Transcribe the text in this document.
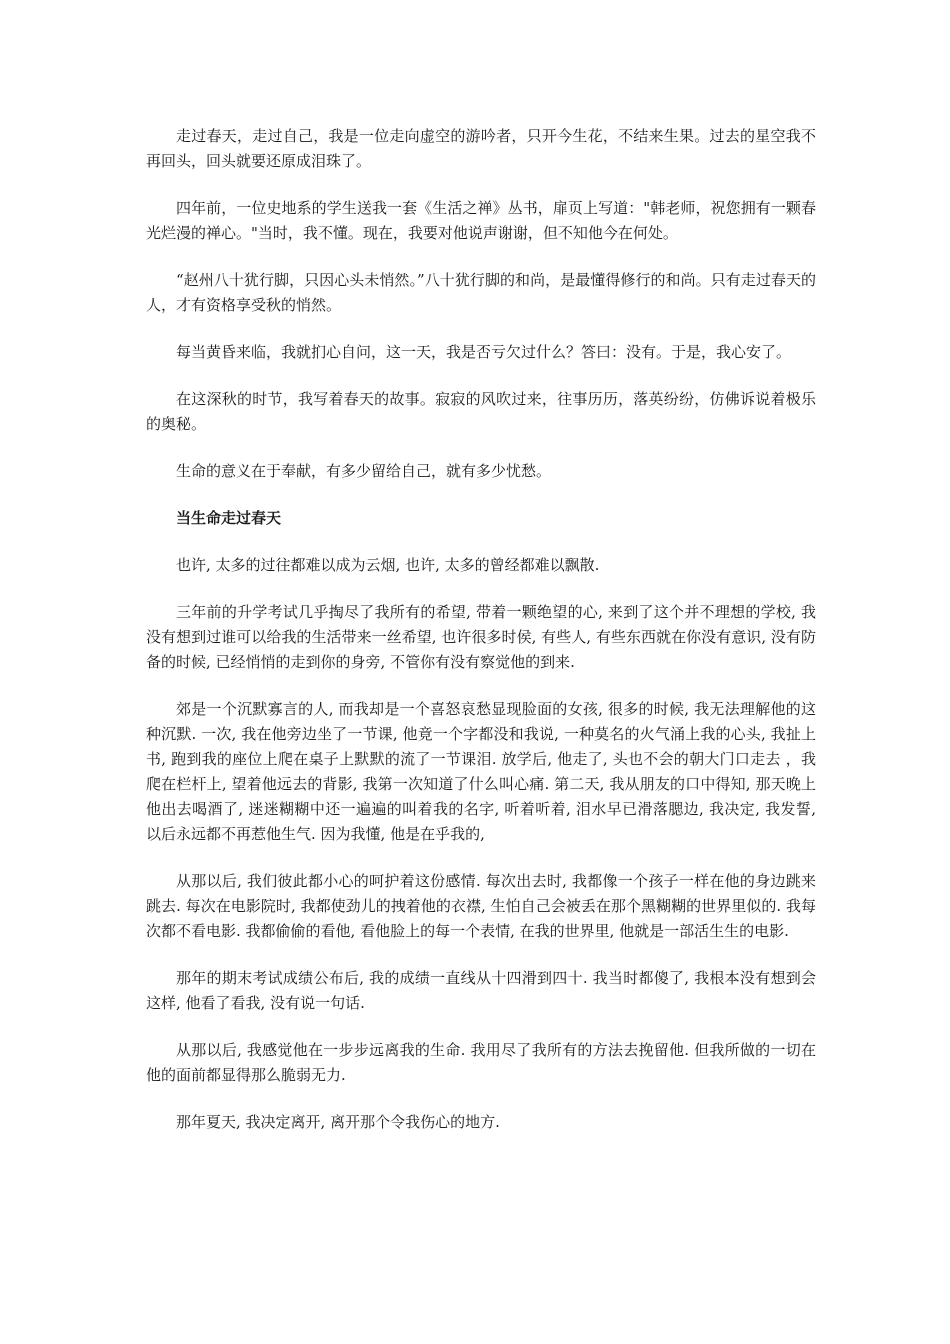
走过春天，走过自己，我是一位走向虚空的游吟者，只开今生花，不结来生果。过去的星空我不再回头，回头就要还原成泪珠了。

四年前，一位史地系的学生送我一套《生活之禅》丛书，扉页上写道："韩老师，祝您拥有一颗春光烂漫的禅心。"当时，我不懂。现在，我要对他说声谢谢，但不知他今在何处。

“赵州八十犹行脚，只因心头未悄然。”八十犹行脚的和尚，是最懂得修行的和尚。只有走过春天的人，才有资格享受秋的悄然。

每当黄昏来临，我就扪心自问，这一天，我是否亏欠过什么？答曰：没有。于是，我心安了。

在这深秋的时节，我写着春天的故事。寂寂的风吹过来，往事历历，落英纷纷，仿佛诉说着极乐的奥秘。

生命的意义在于奉献，有多少留给自己，就有多少忧愁。

当生命走过春天

也许, 太多的过往都难以成为云烟, 也许, 太多的曾经都难以飘散.

三年前的升学考试几乎掏尽了我所有的希望, 带着一颗绝望的心, 来到了这个并不理想的学校, 我没有想到过谁可以给我的生活带来一丝希望, 也许很多时侯, 有些人, 有些东西就在你没有意识, 没有防备的时候, 已经悄悄的走到你的身旁, 不管你有没有察觉他的到来.

郊是一个沉默寡言的人, 而我却是一个喜怒哀愁显现脸面的女孩, 很多的时候, 我无法理解他的这种沉默. 一次, 我在他旁边坐了一节课, 他竟一个字都没和我说, 一种莫名的火气涌上我的心头, 我扯上书, 跑到我的座位上爬在桌子上默默的流了一节课泪. 放学后, 他走了, 头也不会的朝大门口走去 ，我爬在栏杆上, 望着他远去的背影, 我第一次知道了什么叫心痛. 第二天, 我从朋友的口中得知, 那天晚上他出去喝酒了, 迷迷糊糊中还一遍遍的叫着我的名字, 听着听着, 泪水早已滑落腮边, 我决定, 我发誓, 以后永远都不再惹他生气. 因为我懂, 他是在乎我的,

从那以后, 我们彼此都小心的呵护着这份感情. 每次出去时, 我都像一个孩子一样在他的身边跳来跳去. 每次在电影院时, 我都使劲儿的拽着他的衣襟, 生怕自己会被丢在那个黑糊糊的世界里似的. 我每次都不看电影. 我都偷偷的看他, 看他脸上的每一个表情, 在我的世界里, 他就是一部活生生的电影.

那年的期末考试成绩公布后, 我的成绩一直线从十四滑到四十. 我当时都傻了, 我根本没有想到会这样, 他看了看我, 没有说一句话.

从那以后, 我感觉他在一步步远离我的生命. 我用尽了我所有的方法去挽留他. 但我所做的一切在他的面前都显得那么脆弱无力.

那年夏天, 我决定离开, 离开那个令我伤心的地方.
